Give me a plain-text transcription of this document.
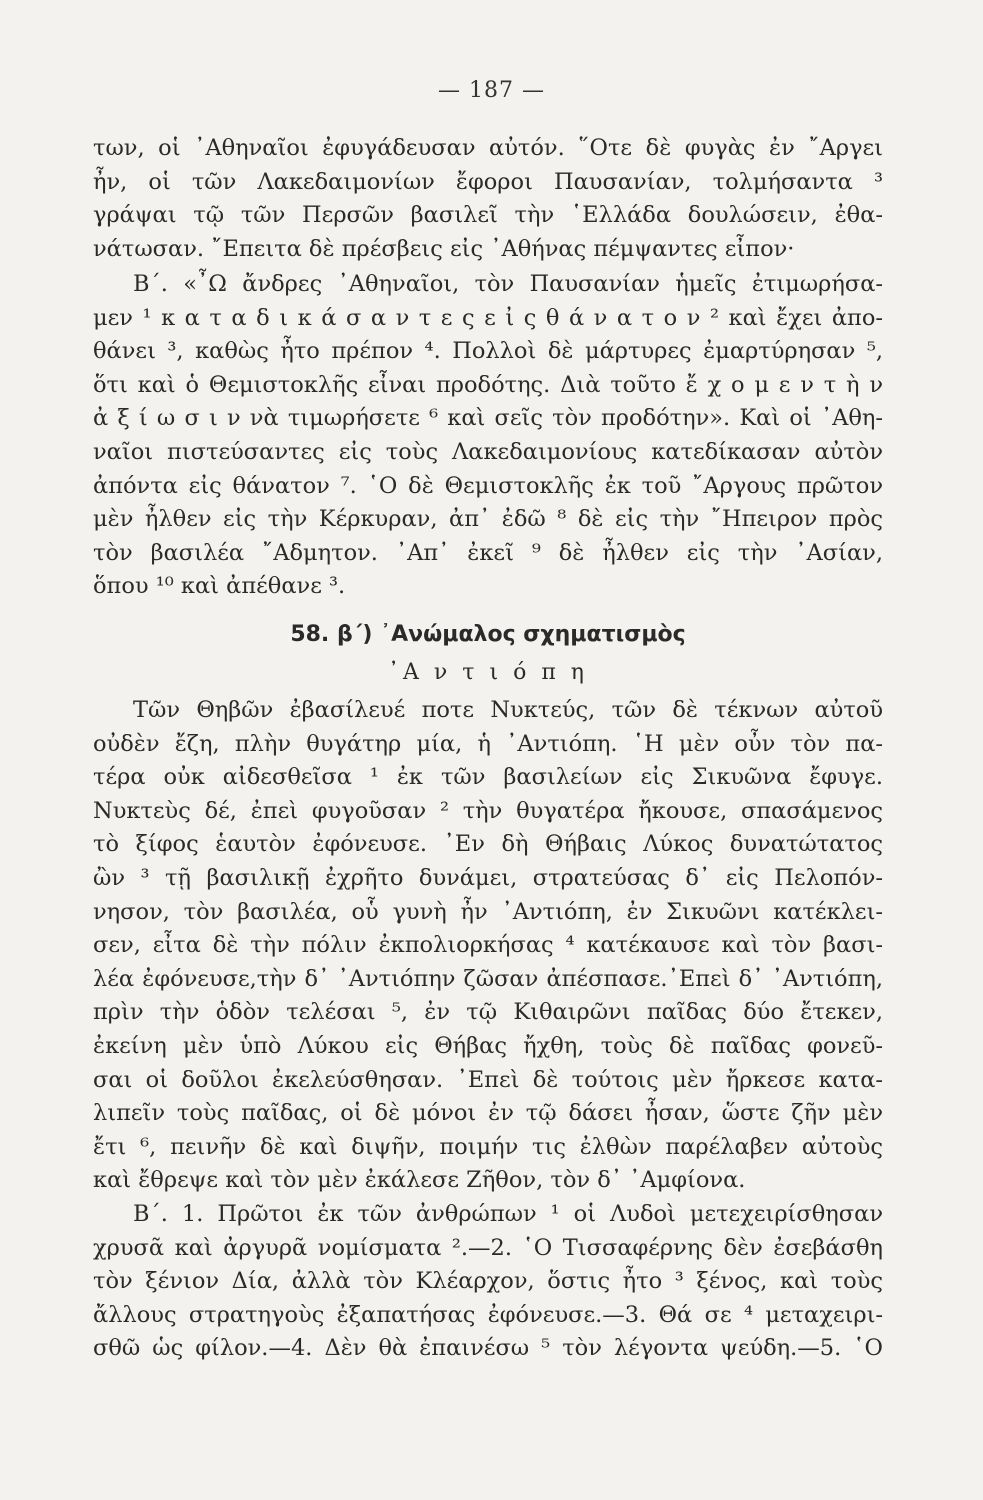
— 187 —
των, οἱ ᾿Αθηναῖοι ἐφυγάδευσαν αὐτόν. ῞Οτε δὲ φυγὰς ἐν ῎Αργει
ἦν, οἱ τῶν Λακεδαιμονίων ἔφοροι Παυσανίαν, τολμήσαντα ³
γράψαι τῷ τῶν Περσῶν βασιλεῖ τὴν ῾Ελλάδα δουλώσειν, ἐθα-
νάτωσαν. ῎Επειτα δὲ πρέσβεις εἰς ᾿Αθήνας πέμψαντες εἶπον·
Β΄. «῏Ω ἄνδρες ᾿Αθηναῖοι, τὸν Παυσανίαν ἡμεῖς ἐτιμωρήσα-
μεν ¹ κ α τ α δ ι κ ά σ α ν τ ε ς ε ἰ ς θ ά ν α τ ο ν ² καὶ ἔχει ἀπο-
θάνει ³, καθὼς ἦτο πρέπον ⁴. Πολλοὶ δὲ μάρτυρες ἐμαρτύρησαν ⁵,
ὅτι καὶ ὁ Θεμιστοκλῆς εἶναι προδότης. Διὰ τοῦτο ἔ χ ο μ ε ν τ ὴ ν
ἀ ξ ί ω σ ι ν νὰ τιμωρήσετε ⁶ καὶ σεῖς τὸν προδότην». Καὶ οἱ ᾿Αθη-
ναῖοι πιστεύσαντες εἰς τοὺς Λακεδαιμονίους κατεδίκασαν αὐτὸν
ἀπόντα εἰς θάνατον ⁷. ῾Ο δὲ Θεμιστοκλῆς ἐκ τοῦ ῎Αργους πρῶτον
μὲν ἦλθεν εἰς τὴν Κέρκυραν, ἀπ᾽ ἐδῶ ⁸ δὲ εἰς τὴν ῎Ηπειρον πρὸς
τὸν βασιλέα ῎Αδμητον. ᾿Απ᾽ ἐκεῖ ⁹ δὲ ἦλθεν εἰς τὴν ᾿Ασίαν,
ὅπου ¹⁰ καὶ ἀπέθανε ³.
58. β΄) ᾿Ανώμαλος σχηματισμὸς
᾿Α ν τ ι ό π η
Τῶν Θηβῶν ἐβασίλευέ ποτε Νυκτεύς, τῶν δὲ τέκνων αὐτοῦ
οὐδὲν ἔζη, πλὴν θυγάτηρ μία, ἡ ᾿Αντιόπη. ῾Η μὲν οὖν τὸν πα-
τέρα οὐκ αἰδεσθεῖσα ¹ ἐκ τῶν βασιλείων εἰς Σικυῶνα ἔφυγε.
Νυκτεὺς δέ, ἐπεὶ φυγοῦσαν ² τὴν θυγατέρα ἤκουσε, σπασάμενος
τὸ ξίφος ἑαυτὸν ἐφόνευσε. ᾿Εν δὴ Θήβαις Λύκος δυνατώτατος
ὢν ³ τῇ βασιλικῇ ἐχρῆτο δυνάμει, στρατεύσας δ᾿ εἰς Πελοπόν-
νησον, τὸν βασιλέα, οὗ γυνὴ ἦν ᾿Αντιόπη, ἐν Σικυῶνι κατέκλει-
σεν, εἶτα δὲ τὴν πόλιν ἐκπολιορκήσας ⁴ κατέκαυσε καὶ τὸν βασι-
λέα ἐφόνευσε,τὴν δ᾿ ᾿Αντιόπην ζῶσαν ἀπέσπασε.᾿Επεὶ δ᾿ ᾿Αντιόπη,
πρὶν τὴν ὁδὸν τελέσαι ⁵, ἐν τῷ Κιθαιρῶνι παῖδας δύο ἔτεκεν,
ἐκείνη μὲν ὑπὸ Λύκου εἰς Θήβας ἤχθη, τοὺς δὲ παῖδας φονεῦ-
σαι οἱ δοῦλοι ἐκελεύσθησαν. ᾿Επεὶ δὲ τούτοις μὲν ἤρκεσε κατα-
λιπεῖν τοὺς παῖδας, οἱ δὲ μόνοι ἐν τῷ δάσει ἦσαν, ὥστε ζῆν μὲν
ἔτι ⁶, πεινῆν δὲ καὶ διψῆν, ποιμήν τις ἐλθὼν παρέλαβεν αὐτοὺς
καὶ ἔθρεψε καὶ τὸν μὲν ἐκάλεσε Ζῆθον, τὸν δ᾿ ᾿Αμφίονα.
Β΄. 1. Πρῶτοι ἐκ τῶν ἀνθρώπων ¹ οἱ Λυδοὶ μετεχειρίσθησαν
χρυσᾶ καὶ ἀργυρᾶ νομίσματα ².—2. ῾Ο Τισσαφέρνης δὲν ἐσεβάσθη
τὸν ξένιον Δία, ἀλλὰ τὸν Κλέαρχον, ὅστις ἦτο ³ ξένος, καὶ τοὺς
ἄλλους στρατηγοὺς ἐξαπατήσας ἐφόνευσε.—3. Θά σε ⁴ μεταχειρι-
σθῶ ὡς φίλον.—4. Δὲν θὰ ἐπαινέσω ⁵ τὸν λέγοντα ψεύδη.—5. ῾Ο
